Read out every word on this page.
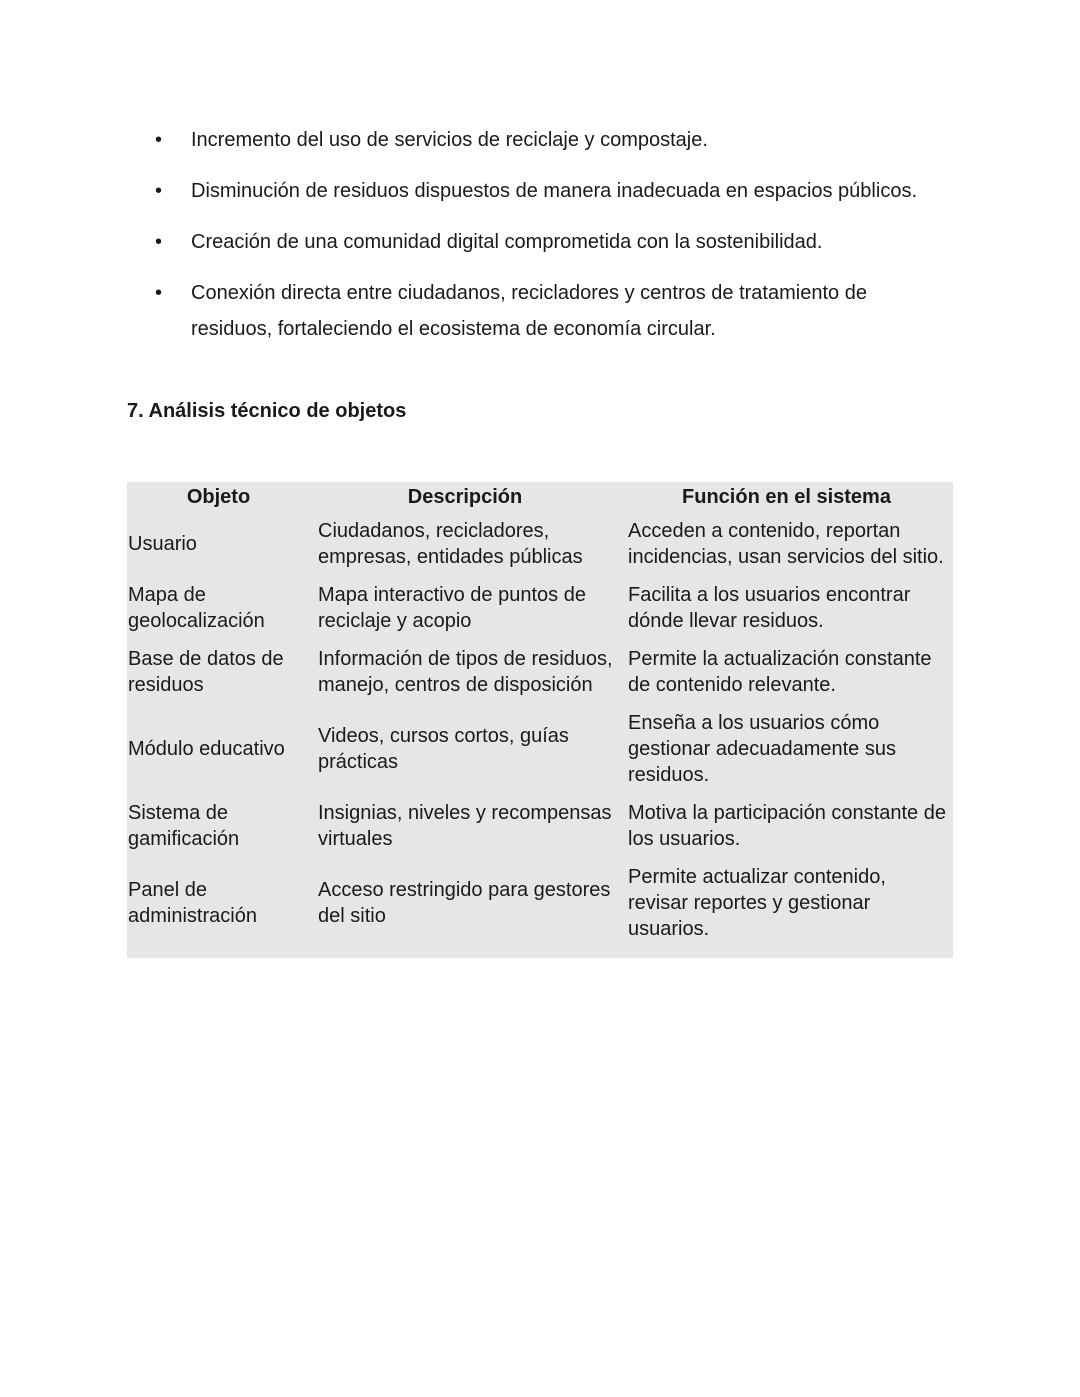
• Incremento del uso de servicios de reciclaje y compostaje.
• Disminución de residuos dispuestos de manera inadecuada en espacios públicos.
• Creación de una comunidad digital comprometida con la sostenibilidad.
• Conexión directa entre ciudadanos, recicladores y centros de tratamiento de residuos, fortaleciendo el ecosistema de economía circular.
7. Análisis técnico de objetos
Objeto	Descripción	Función en el sistema
Usuario	Ciudadanos, recicladores, empresas, entidades públicas	Acceden a contenido, reportan incidencias, usan servicios del sitio.
Mapa de geolocalización	Mapa interactivo de puntos de reciclaje y acopio	Facilita a los usuarios encontrar dónde llevar residuos.
Base de datos de residuos	Información de tipos de residuos, manejo, centros de disposición	Permite la actualización constante de contenido relevante.
Módulo educativo	Videos, cursos cortos, guías prácticas	Enseña a los usuarios cómo gestionar adecuadamente sus residuos.
Sistema de gamificación	Insignias, niveles y recompensas virtuales	Motiva la participación constante de los usuarios.
Panel de administración	Acceso restringido para gestores del sitio	Permite actualizar contenido, revisar reportes y gestionar usuarios.
